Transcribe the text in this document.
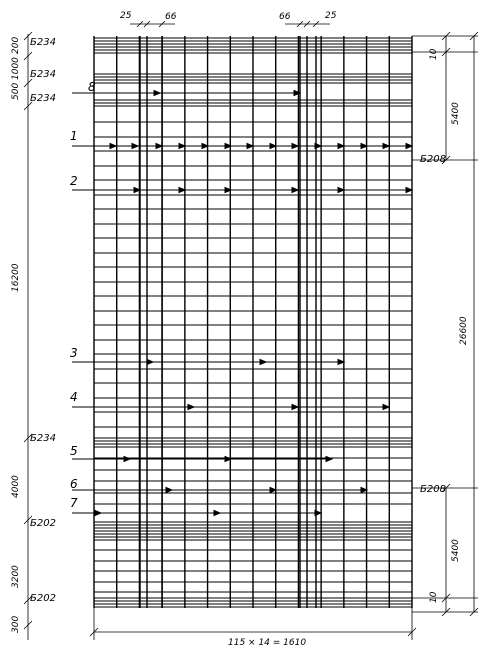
25	66	66	25
200
1000
500
16200
4000
3200
300
10
5400
26600
5400
10
115 × 14 = 1610
Б234
Б234
Б234
Б234
Б202
Б202
Б208
Б208
8
1
2
3
4
5
6
7
